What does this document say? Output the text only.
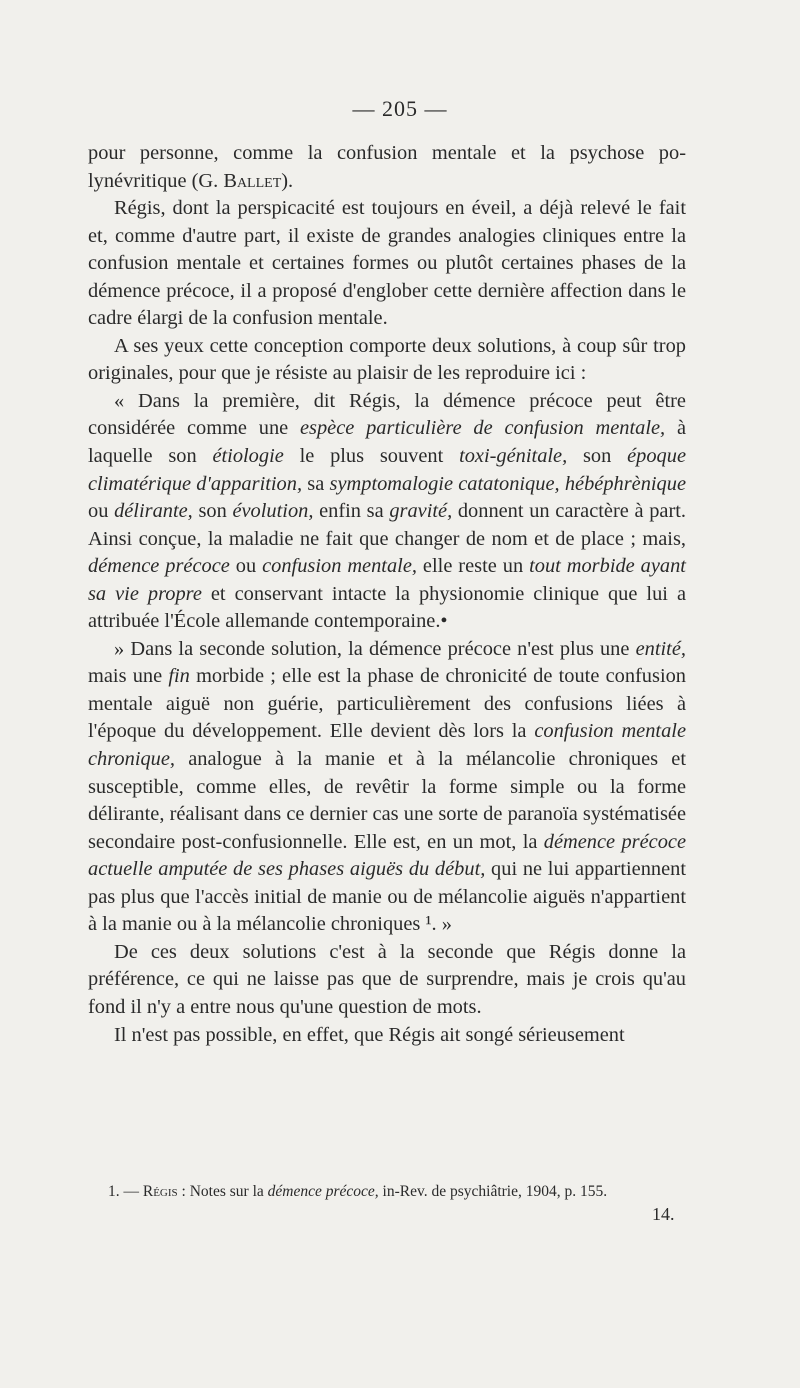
— 205 —

pour personne, comme la confusion mentale et la psychose polynévritique (G. Ballet).

Régis, dont la perspicacité est toujours en éveil, a déjà relevé le fait et, comme d'autre part, il existe de grandes analogies cliniques entre la confusion mentale et certaines formes ou plutôt certaines phases de la démence précoce, il a proposé d'englober cette dernière affection dans le cadre élargi de la confusion mentale.

A ses yeux cette conception comporte deux solutions, à coup sûr trop originales, pour que je résiste au plaisir de les reproduire ici :

« Dans la première, dit Régis, la démence précoce peut être considérée comme une espèce particulière de confusion mentale, à laquelle son étiologie le plus souvent toxi-génitale, son époque climatérique d'apparition, sa symptomalogie catatonique, hébéphrènique ou délirante, son évolution, enfin sa gravité, donnent un caractère à part. Ainsi conçue, la maladie ne fait que changer de nom et de place ; mais, démence précoce ou confusion mentale, elle reste un tout morbide ayant sa vie propre et conservant intacte la physionomie clinique que lui a attribuée l'École allemande contemporaine.•

» Dans la seconde solution, la démence précoce n'est plus une entité, mais une fin morbide ; elle est la phase de chronicité de toute confusion mentale aiguë non guérie, particulièrement des confusions liées à l'époque du développement. Elle devient dès lors la confusion mentale chronique, analogue à la manie et à la mélancolie chroniques et susceptible, comme elles, de revêtir la forme simple ou la forme délirante, réalisant dans ce dernier cas une sorte de paranoïa systématisée secondaire post-confusionnelle. Elle est, en un mot, la démence précoce actuelle amputée de ses phases aiguës du début, qui ne lui appartiennent pas plus que l'accès initial de manie ou de mélancolie aiguës n'appartient à la manie ou à la mélancolie chroniques ¹. »

De ces deux solutions c'est à la seconde que Régis donne la préférence, ce qui ne laisse pas que de surprendre, mais je crois qu'au fond il n'y a entre nous qu'une question de mots.

Il n'est pas possible, en effet, que Régis ait songé sérieusement

1. — Régis : Notes sur la démence précoce, in-Rev. de psychiâtrie, 1904, p. 155.
14.
